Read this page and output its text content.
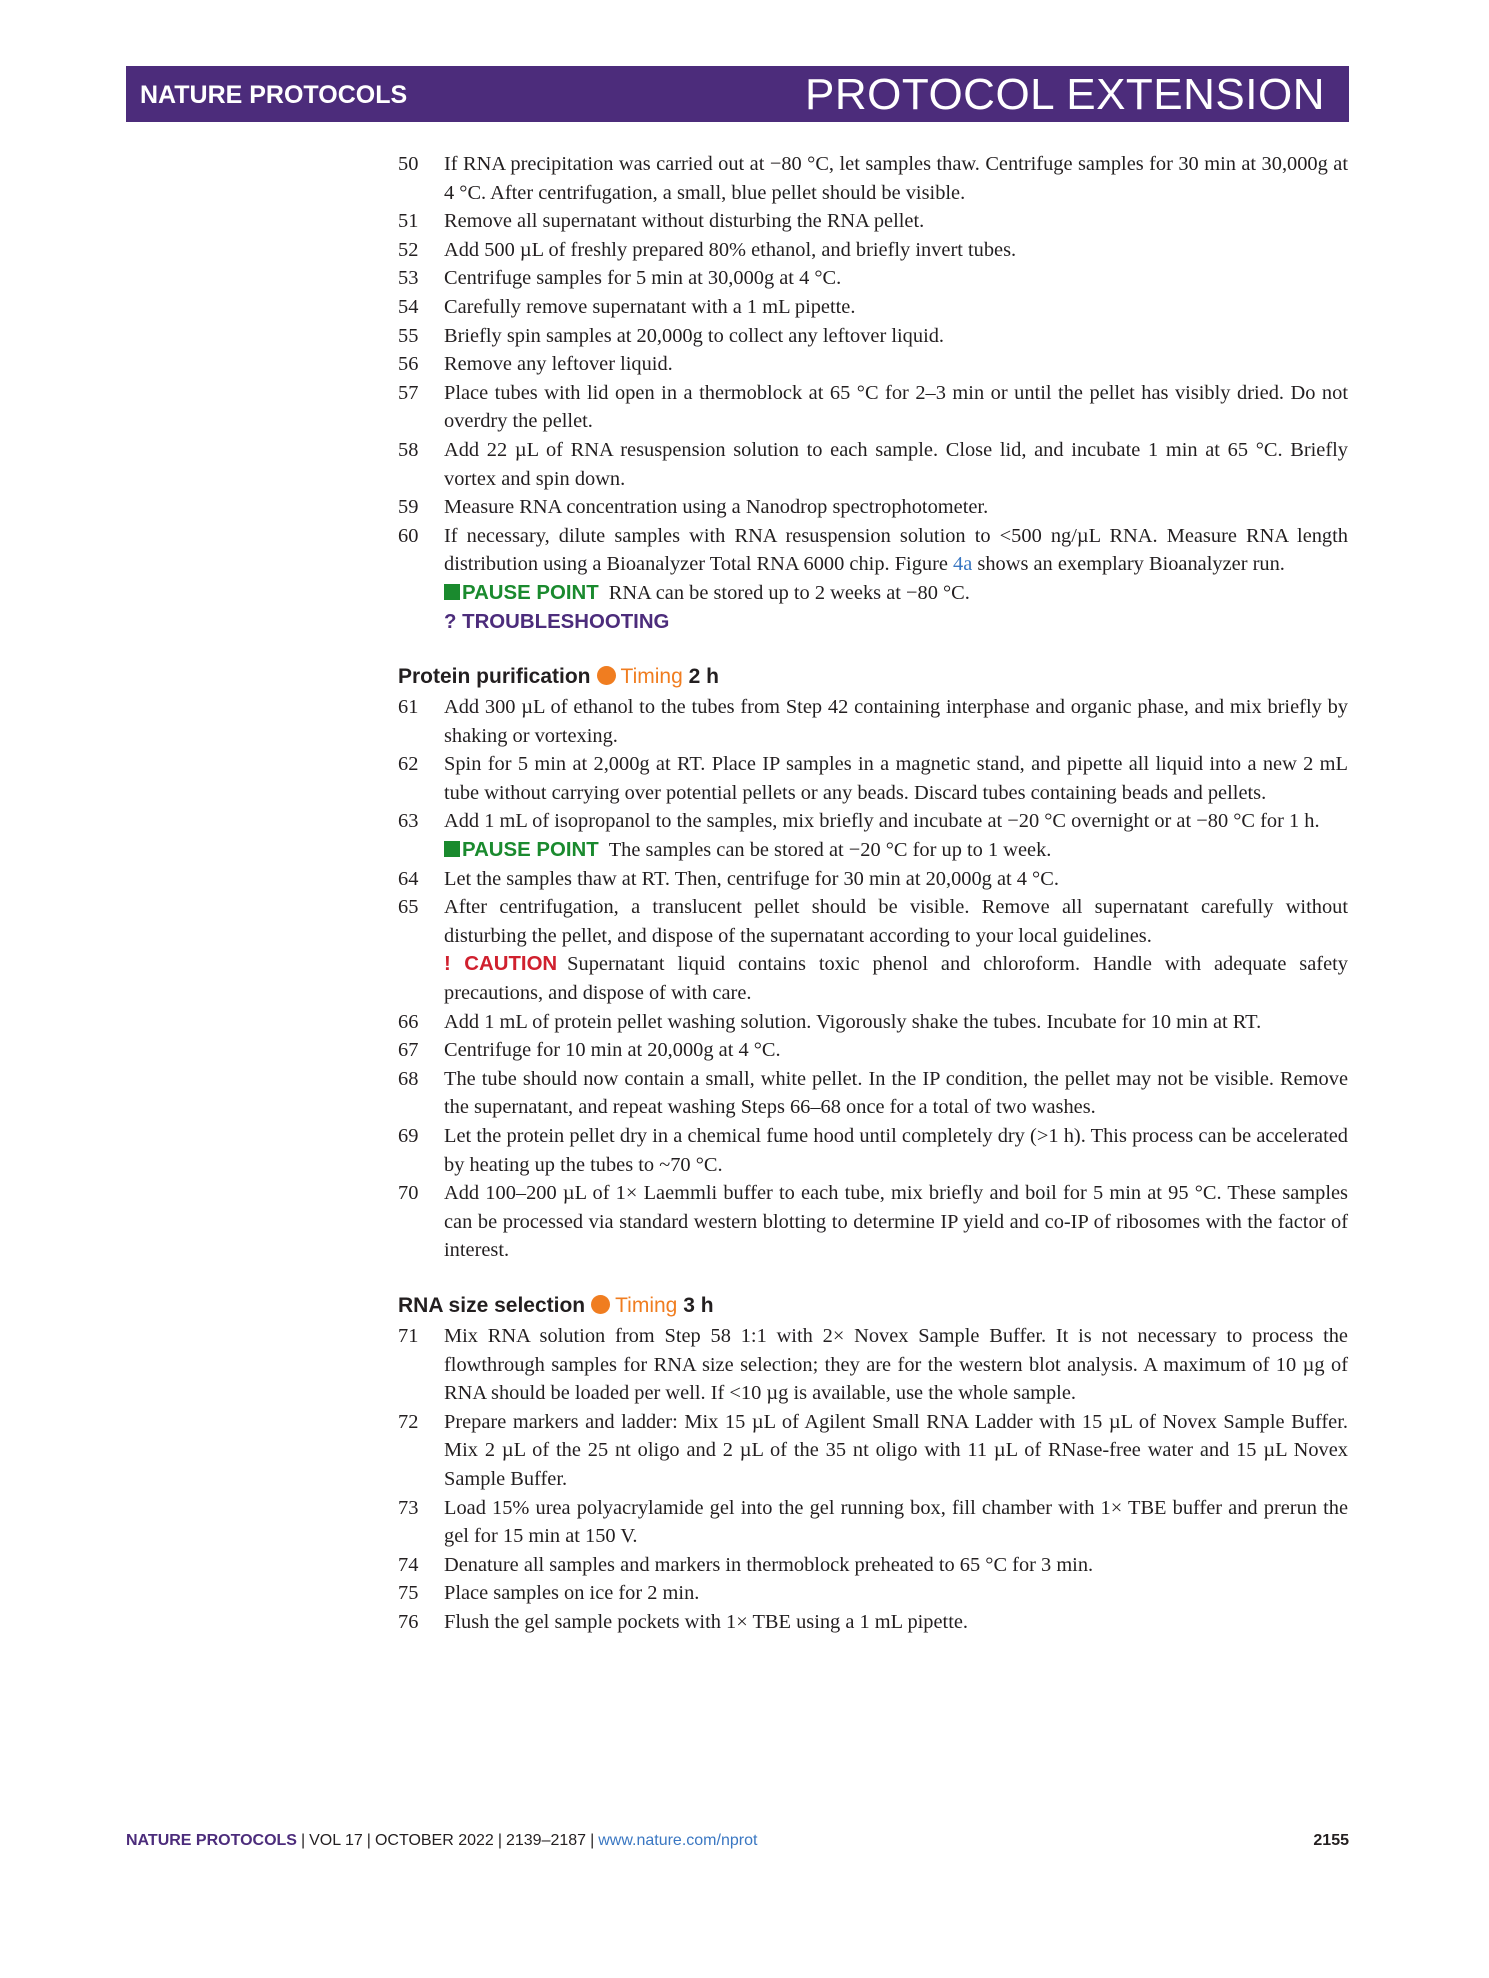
NATURE PROTOCOLS	PROTOCOL EXTENSION
50 If RNA precipitation was carried out at −80 °C, let samples thaw. Centrifuge samples for 30 min at 30,000g at 4 °C. After centrifugation, a small, blue pellet should be visible.
51 Remove all supernatant without disturbing the RNA pellet.
52 Add 500 µL of freshly prepared 80% ethanol, and briefly invert tubes.
53 Centrifuge samples for 5 min at 30,000g at 4 °C.
54 Carefully remove supernatant with a 1 mL pipette.
55 Briefly spin samples at 20,000g to collect any leftover liquid.
56 Remove any leftover liquid.
57 Place tubes with lid open in a thermoblock at 65 °C for 2–3 min or until the pellet has visibly dried. Do not overdry the pellet.
58 Add 22 µL of RNA resuspension solution to each sample. Close lid, and incubate 1 min at 65 °C. Briefly vortex and spin down.
59 Measure RNA concentration using a Nanodrop spectrophotometer.
60 If necessary, dilute samples with RNA resuspension solution to <500 ng/µL RNA. Measure RNA length distribution using a Bioanalyzer Total RNA 6000 chip. Figure 4a shows an exemplary Bioanalyzer run.
PAUSE POINT RNA can be stored up to 2 weeks at −80 °C.
? TROUBLESHOOTING
Protein purification Timing 2 h
61 Add 300 µL of ethanol to the tubes from Step 42 containing interphase and organic phase, and mix briefly by shaking or vortexing.
62 Spin for 5 min at 2,000g at RT. Place IP samples in a magnetic stand, and pipette all liquid into a new 2 mL tube without carrying over potential pellets or any beads. Discard tubes containing beads and pellets.
63 Add 1 mL of isopropanol to the samples, mix briefly and incubate at −20 °C overnight or at −80 °C for 1 h.
PAUSE POINT The samples can be stored at −20 °C for up to 1 week.
64 Let the samples thaw at RT. Then, centrifuge for 30 min at 20,000g at 4 °C.
65 After centrifugation, a translucent pellet should be visible. Remove all supernatant carefully without disturbing the pellet, and dispose of the supernatant according to your local guidelines.
! CAUTION Supernatant liquid contains toxic phenol and chloroform. Handle with adequate safety precautions, and dispose of with care.
66 Add 1 mL of protein pellet washing solution. Vigorously shake the tubes. Incubate for 10 min at RT.
67 Centrifuge for 10 min at 20,000g at 4 °C.
68 The tube should now contain a small, white pellet. In the IP condition, the pellet may not be visible. Remove the supernatant, and repeat washing Steps 66–68 once for a total of two washes.
69 Let the protein pellet dry in a chemical fume hood until completely dry (>1 h). This process can be accelerated by heating up the tubes to ~70 °C.
70 Add 100–200 µL of 1× Laemmli buffer to each tube, mix briefly and boil for 5 min at 95 °C. These samples can be processed via standard western blotting to determine IP yield and co-IP of ribosomes with the factor of interest.
RNA size selection Timing 3 h
71 Mix RNA solution from Step 58 1:1 with 2× Novex Sample Buffer. It is not necessary to process the flowthrough samples for RNA size selection; they are for the western blot analysis. A maximum of 10 µg of RNA should be loaded per well. If <10 µg is available, use the whole sample.
72 Prepare markers and ladder: Mix 15 µL of Agilent Small RNA Ladder with 15 µL of Novex Sample Buffer. Mix 2 µL of the 25 nt oligo and 2 µL of the 35 nt oligo with 11 µL of RNase-free water and 15 µL Novex Sample Buffer.
73 Load 15% urea polyacrylamide gel into the gel running box, fill chamber with 1× TBE buffer and prerun the gel for 15 min at 150 V.
74 Denature all samples and markers in thermoblock preheated to 65 °C for 3 min.
75 Place samples on ice for 2 min.
76 Flush the gel sample pockets with 1× TBE using a 1 mL pipette.
NATURE PROTOCOLS | VOL 17 | OCTOBER 2022 | 2139–2187 | www.nature.com/nprot	2155
